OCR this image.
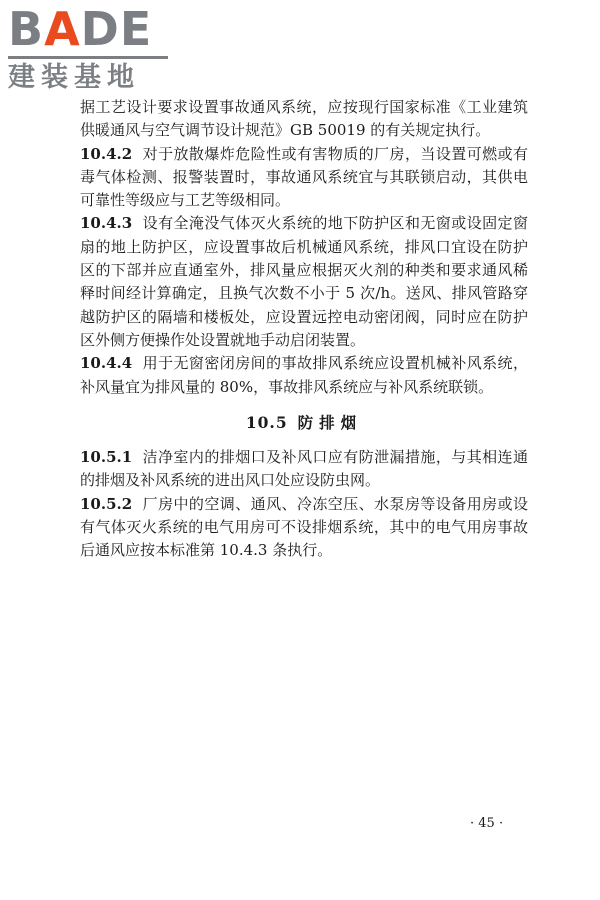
B A DE
建装基地

据工艺设计要求设置事故通风系统，应按现行国家标准《工业建筑供暖通风与空气调节设计规范》GB 50019 的有关规定执行。

10.4.2 对于放散爆炸危险性或有害物质的厂房，当设置可燃或有毒气体检测、报警装置时，事故通风系统宜与其联锁启动，其供电可靠性等级应与工艺等级相同。

10.4.3 设有全淹没气体灭火系统的地下防护区和无窗或设固定窗扇的地上防护区，应设置事故后机械通风系统，排风口宜设在防护区的下部并应直通室外，排风量应根据灭火剂的种类和要求通风稀释时间经计算确定，且换气次数不小于 5 次/h。送风、排风管路穿越防护区的隔墙和楼板处，应设置远控电动密闭阀，同时应在防护区外侧方便操作处设置就地手动启闭装置。

10.4.4 用于无窗密闭房间的事故排风系统应设置机械补风系统，补风量宜为排风量的 80%，事故排风系统应与补风系统联锁。

10.5 防排烟

10.5.1 洁净室内的排烟口及补风口应有防泄漏措施，与其相连通的排烟及补风系统的进出风口处应设防虫网。

10.5.2 厂房中的空调、通风、冷冻空压、水泵房等设备用房或设有气体灭火系统的电气用房可不设排烟系统，其中的电气用房事故后通风应按本标准第 10.4.3 条执行。

· 45 ·
